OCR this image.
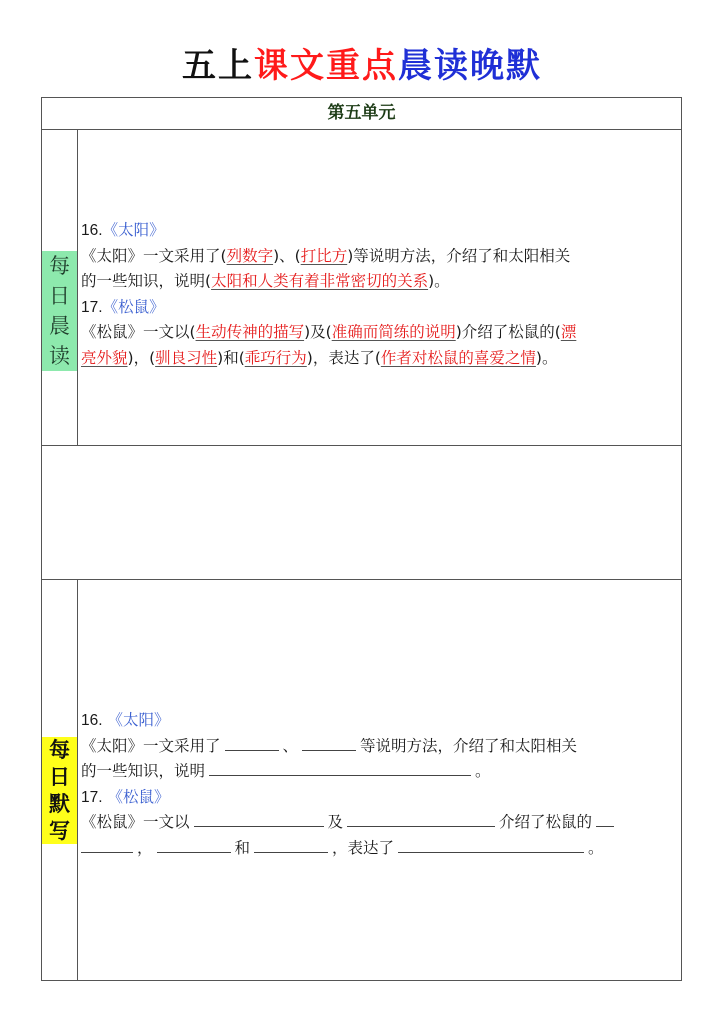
五上课文重点晨读晚默
第五单元
每
日
晨
读
16.《太阳》
《太阳》一文采用了(列数字)、(打比方)等说明方法，介绍了和太阳相关
的一些知识，说明(太阳和人类有着非常密切的关系)。
17.《松鼠》
《松鼠》一文以(生动传神的描写)及(准确而简练的说明)介绍了松鼠的(漂
亮外貌)，(驯良习性)和(乖巧行为)，表达了(作者对松鼠的喜爱之情)。
每
日
默
写
16. 《太阳》
《太阳》一文采用了	、	等说明方法，介绍了和太阳相关
的一些知识，说明	。
17. 《松鼠》
《松鼠》一文以	及	介绍了松鼠的
，	和	，表达了	。
